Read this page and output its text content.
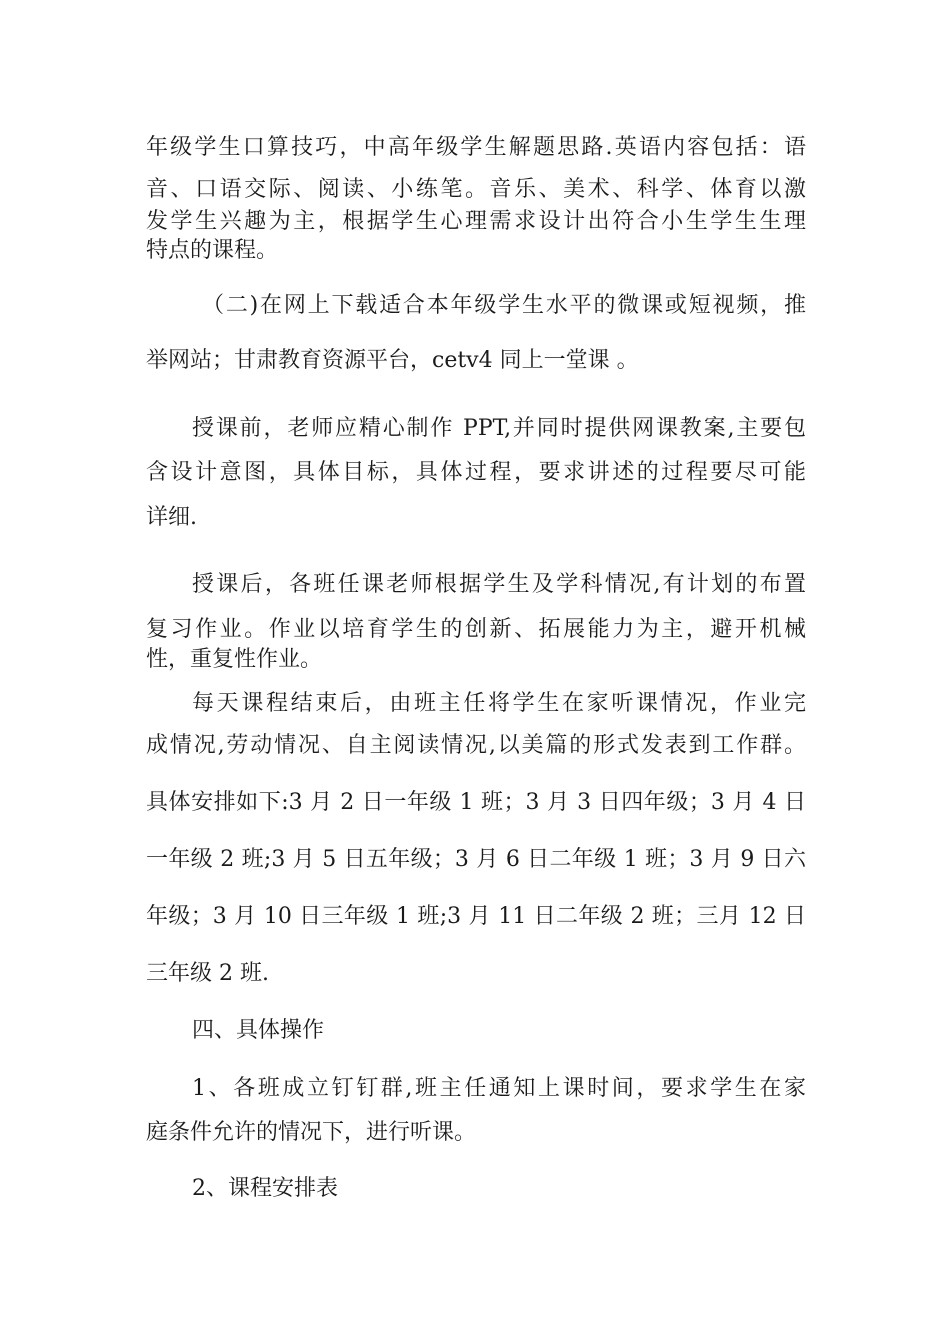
年级学生口算技巧，中高年级学生解题思路.英语内容包括：语
音、口语交际、阅读、小练笔。音乐、美术、科学、体育以激
发学生兴趣为主，根据学生心理需求设计出符合小生学生生理
特点的课程。
（二)在网上下载适合本年级学生水平的微课或短视频，推
举网站；甘肃教育资源平台，cetv4 同上一堂课 。
授课前，老师应精心制作 PPT,并同时提供网课教案,主要包
含设计意图，具体目标，具体过程，要求讲述的过程要尽可能
详细.
授课后，各班任课老师根据学生及学科情况,有计划的布置
复习作业。作业以培育学生的创新、拓展能力为主，避开机械
性，重复性作业。
每天课程结束后，由班主任将学生在家听课情况，作业完
成情况,劳动情况、自主阅读情况,以美篇的形式发表到工作群。
具体安排如下:3 月 2 日一年级 1 班；3 月 3 日四年级；3 月 4 日
一年级 2 班;3 月 5 日五年级；3 月 6 日二年级 1 班；3 月 9 日六
年级；3 月 10 日三年级 1 班;3 月 11 日二年级 2 班；三月 12 日
三年级 2 班.
四、具体操作
1、各班成立钉钉群,班主任通知上课时间，要求学生在家
庭条件允许的情况下，进行听课。
2、课程安排表
